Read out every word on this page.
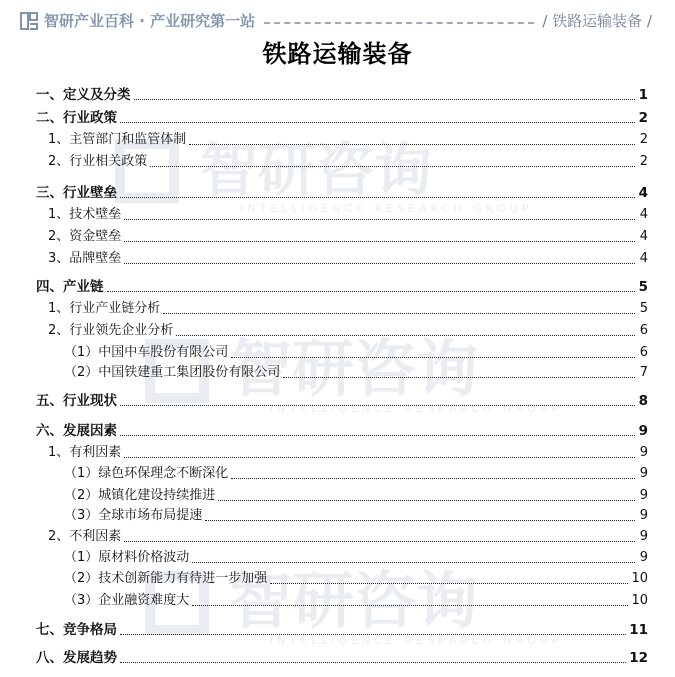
智研咨询
INTELLIGENCE RESEARCH GROUP
智研咨询
INTELLIGENCE RESEARCH GROUP
智研咨询
INTELLIGENCE RESEARCH GROUP
智研产业百科 · 产业研究第一站	/ 铁路运输装备 /
铁路运输装备
一、定义及分类	1
二、行业政策	2
1、主管部门和监管体制	2
2、行业相关政策	2
三、行业壁垒	4
1、技术壁垒	4
2、资金壁垒	4
3、品牌壁垒	4
四、产业链	5
1、行业产业链分析	5
2、行业领先企业分析	6
（1）中国中车股份有限公司	6
（2）中国铁建重工集团股份有限公司	7
五、行业现状	8
六、发展因素	9
1、有利因素	9
（1）绿色环保理念不断深化	9
（2）城镇化建设持续推进	9
（3）全球市场布局提速	9
2、不利因素	9
（1）原材料价格波动	9
（2）技术创新能力有待进一步加强	10
（3）企业融资难度大	10
七、竞争格局	11
八、发展趋势	12
